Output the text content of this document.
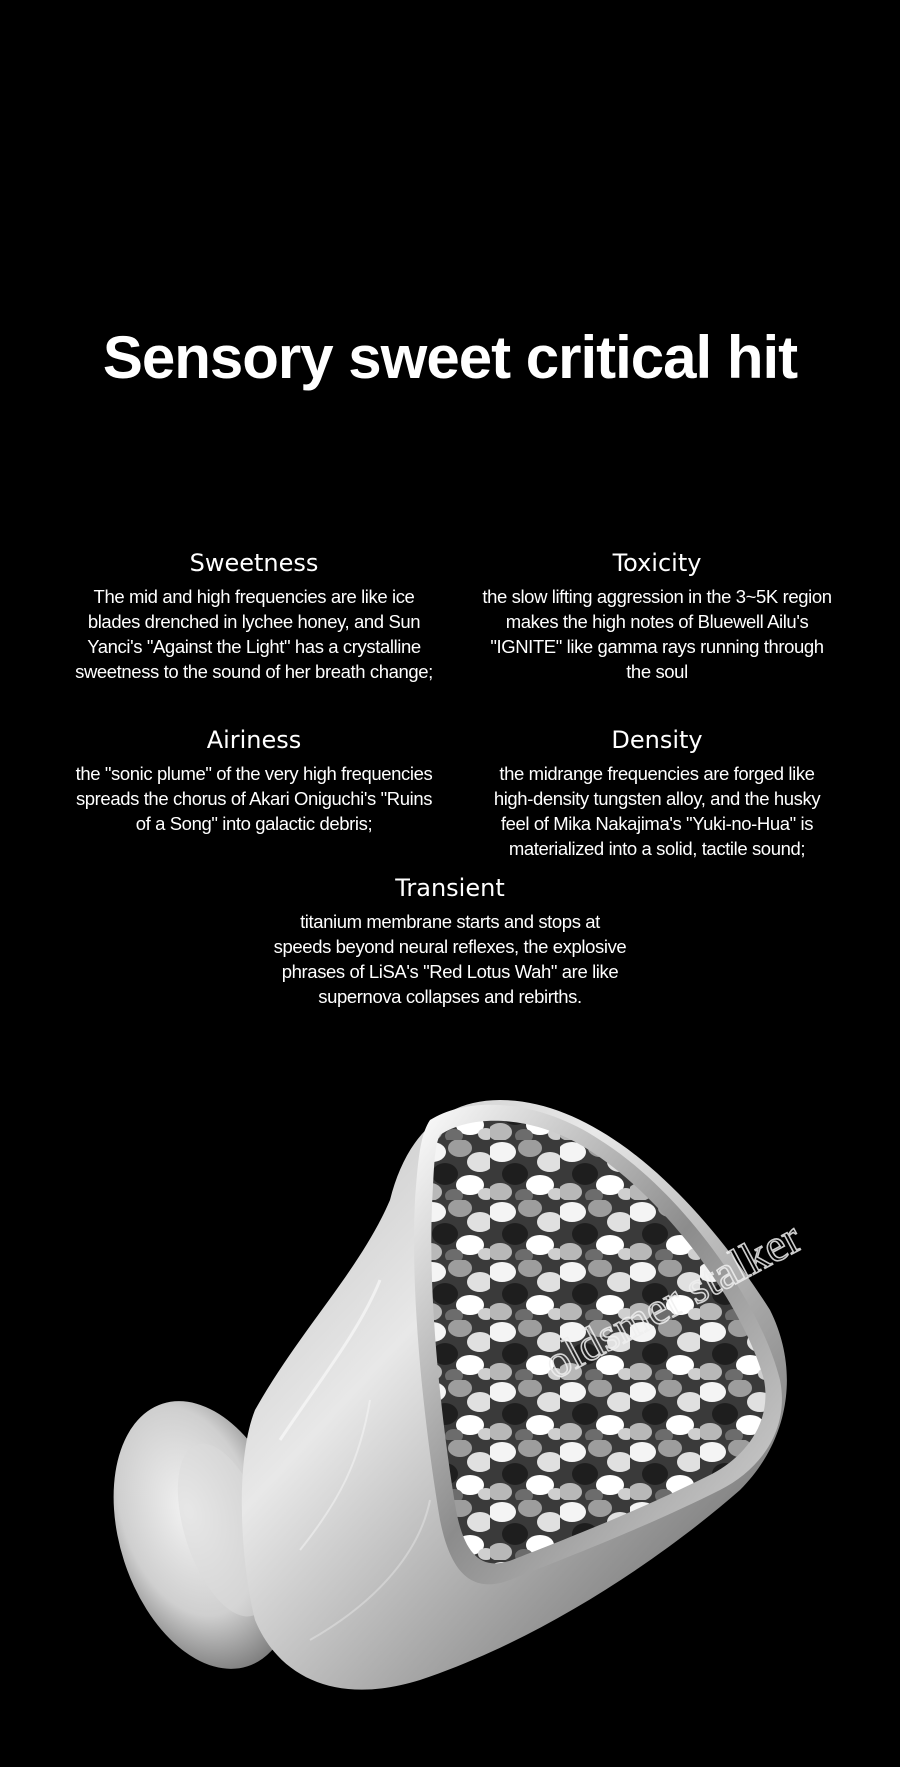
Sensory sweet critical hit
Sweetness

The mid and high frequencies are like ice blades drenched in lychee honey, and Sun Yanci's "Against the Light" has a crystalline sweetness to the sound of her breath change;

Toxicity

the slow lifting aggression in the 3~5K region makes the high notes of Bluewell Ailu's "IGNITE" like gamma rays running through the soul

Airiness

the "sonic plume" of the very high frequencies spreads the chorus of Akari Oniguchi's "Ruins of a Song" into galactic debris;

Density

the midrange frequencies are forged like high-density tungsten alloy, and the husky feel of Mika Nakajima's "Yuki-no-Hua" is materialized into a solid, tactile sound;

Transient

titanium membrane starts and stops at speeds beyond neural reflexes, the explosive phrases of LiSA's "Red Lotus Wah" are like supernova collapses and rebirths.

oldsmer stalker
